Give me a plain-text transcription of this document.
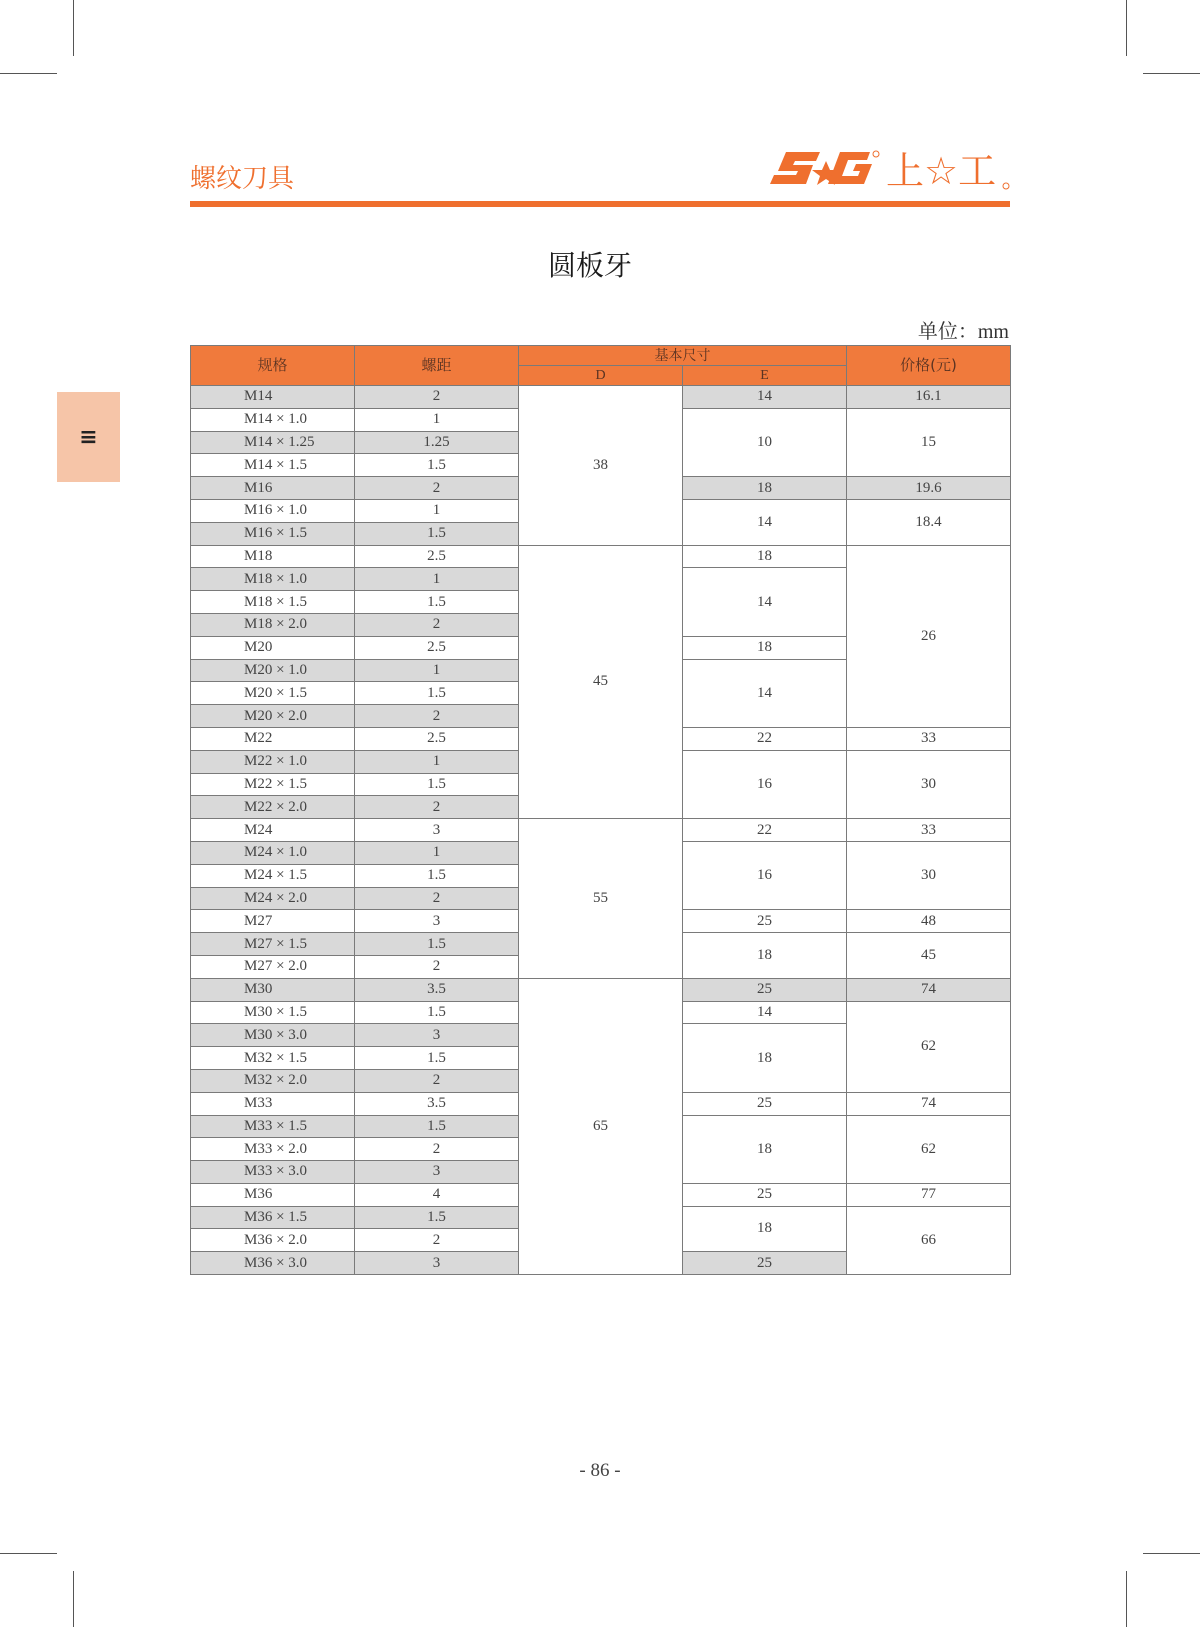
螺纹刀具	上☆工
≡
圆板牙
单位：mm
规格	螺距	基本尺寸		价格(元)
		D	E	
M14	2	38	14	16.1
M14 × 1.0	1		10	15
M14 × 1.25	1.25			
M14 × 1.5	1.5			
M16	2		18	19.6
M16 × 1.0	1		14	18.4
M16 × 1.5	1.5			
M18	2.5	45	18	26
M18 × 1.0	1		14	
M18 × 1.5	1.5			
M18 × 2.0	2			
M20	2.5		18	
M20 × 1.0	1		14	
M20 × 1.5	1.5			
M20 × 2.0	2			
M22	2.5		22	33
M22 × 1.0	1		16	30
M22 × 1.5	1.5			
M22 × 2.0	2			
M24	3	55	22	33
M24 × 1.0	1		16	30
M24 × 1.5	1.5			
M24 × 2.0	2			
M27	3		25	48
M27 × 1.5	1.5		18	45
M27 × 2.0	2			
M30	3.5	65	25	74
M30 × 1.5	1.5		14	62
M30 × 3.0	3		18	
M32 × 1.5	1.5			
M32 × 2.0	2			
M33	3.5		25	74
M33 × 1.5	1.5		18	62
M33 × 2.0	2			
M33 × 3.0	3			
M36	4		25	77
M36 × 1.5	1.5		18	66
M36 × 2.0	2			
M36 × 3.0	3		25	
- 86 -
